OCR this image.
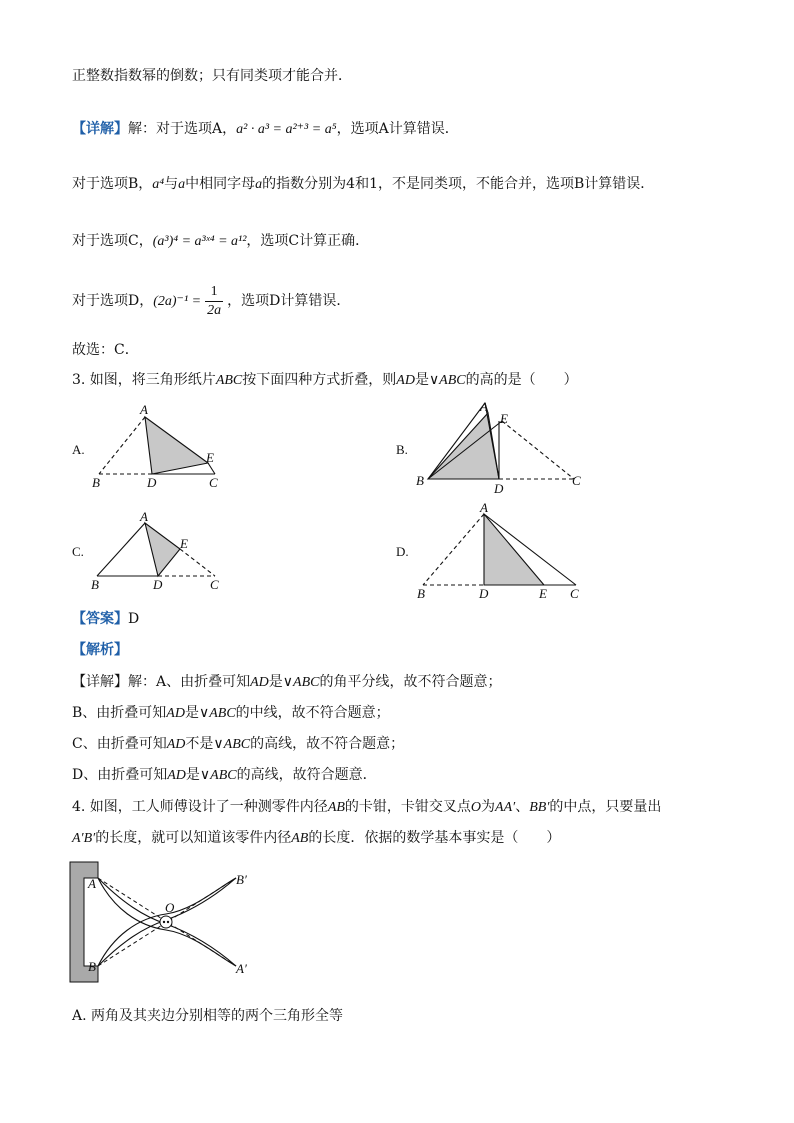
正整数指数幂的倒数；只有同类项才能合并．
【详解】解：对于选项A，a² · a³ = a²⁺³ = a⁵，选项A计算错误．
对于选项B，a⁴与a中相同字母a的指数分别为4和1，不是同类项，不能合并，选项B计算错误．
对于选项C，(a³)⁴ = a³ˣ⁴ = a¹²，选项C计算正确．
对于选项D，$(2a)^{-1} = \frac{1}{2a}$ ，选项D计算错误．
故选：C．
3. 如图，将三角形纸片ABC按下面四种方式折叠，则AD是∨ABC的高的是（　　）
A.
A
B	D	C
E
B.
A
B
D
C
E
C.
A
B	D	C
E
D.
A
B	D	E C
【答案】D
【解析】
【详解】解：A、由折叠可知AD是∨ABC的角平分线，故不符合题意；
B、由折叠可知AD是∨ABC的中线，故不符合题意；
C、由折叠可知AD不是∨ABC的高线，故不符合题意；
D、由折叠可知AD是∨ABC的高线，故符合题意．
4. 如图，工人师傅设计了一种测零件内径AB的卡钳，卡钳交叉点O为AA′、BB′的中点，只要量出
A′B′的长度，就可以知道该零件内径AB的长度．依据的数学基本事实是（　　）
A
B
O
B′
A′
A. 两角及其夹边分别相等的两个三角形全等
